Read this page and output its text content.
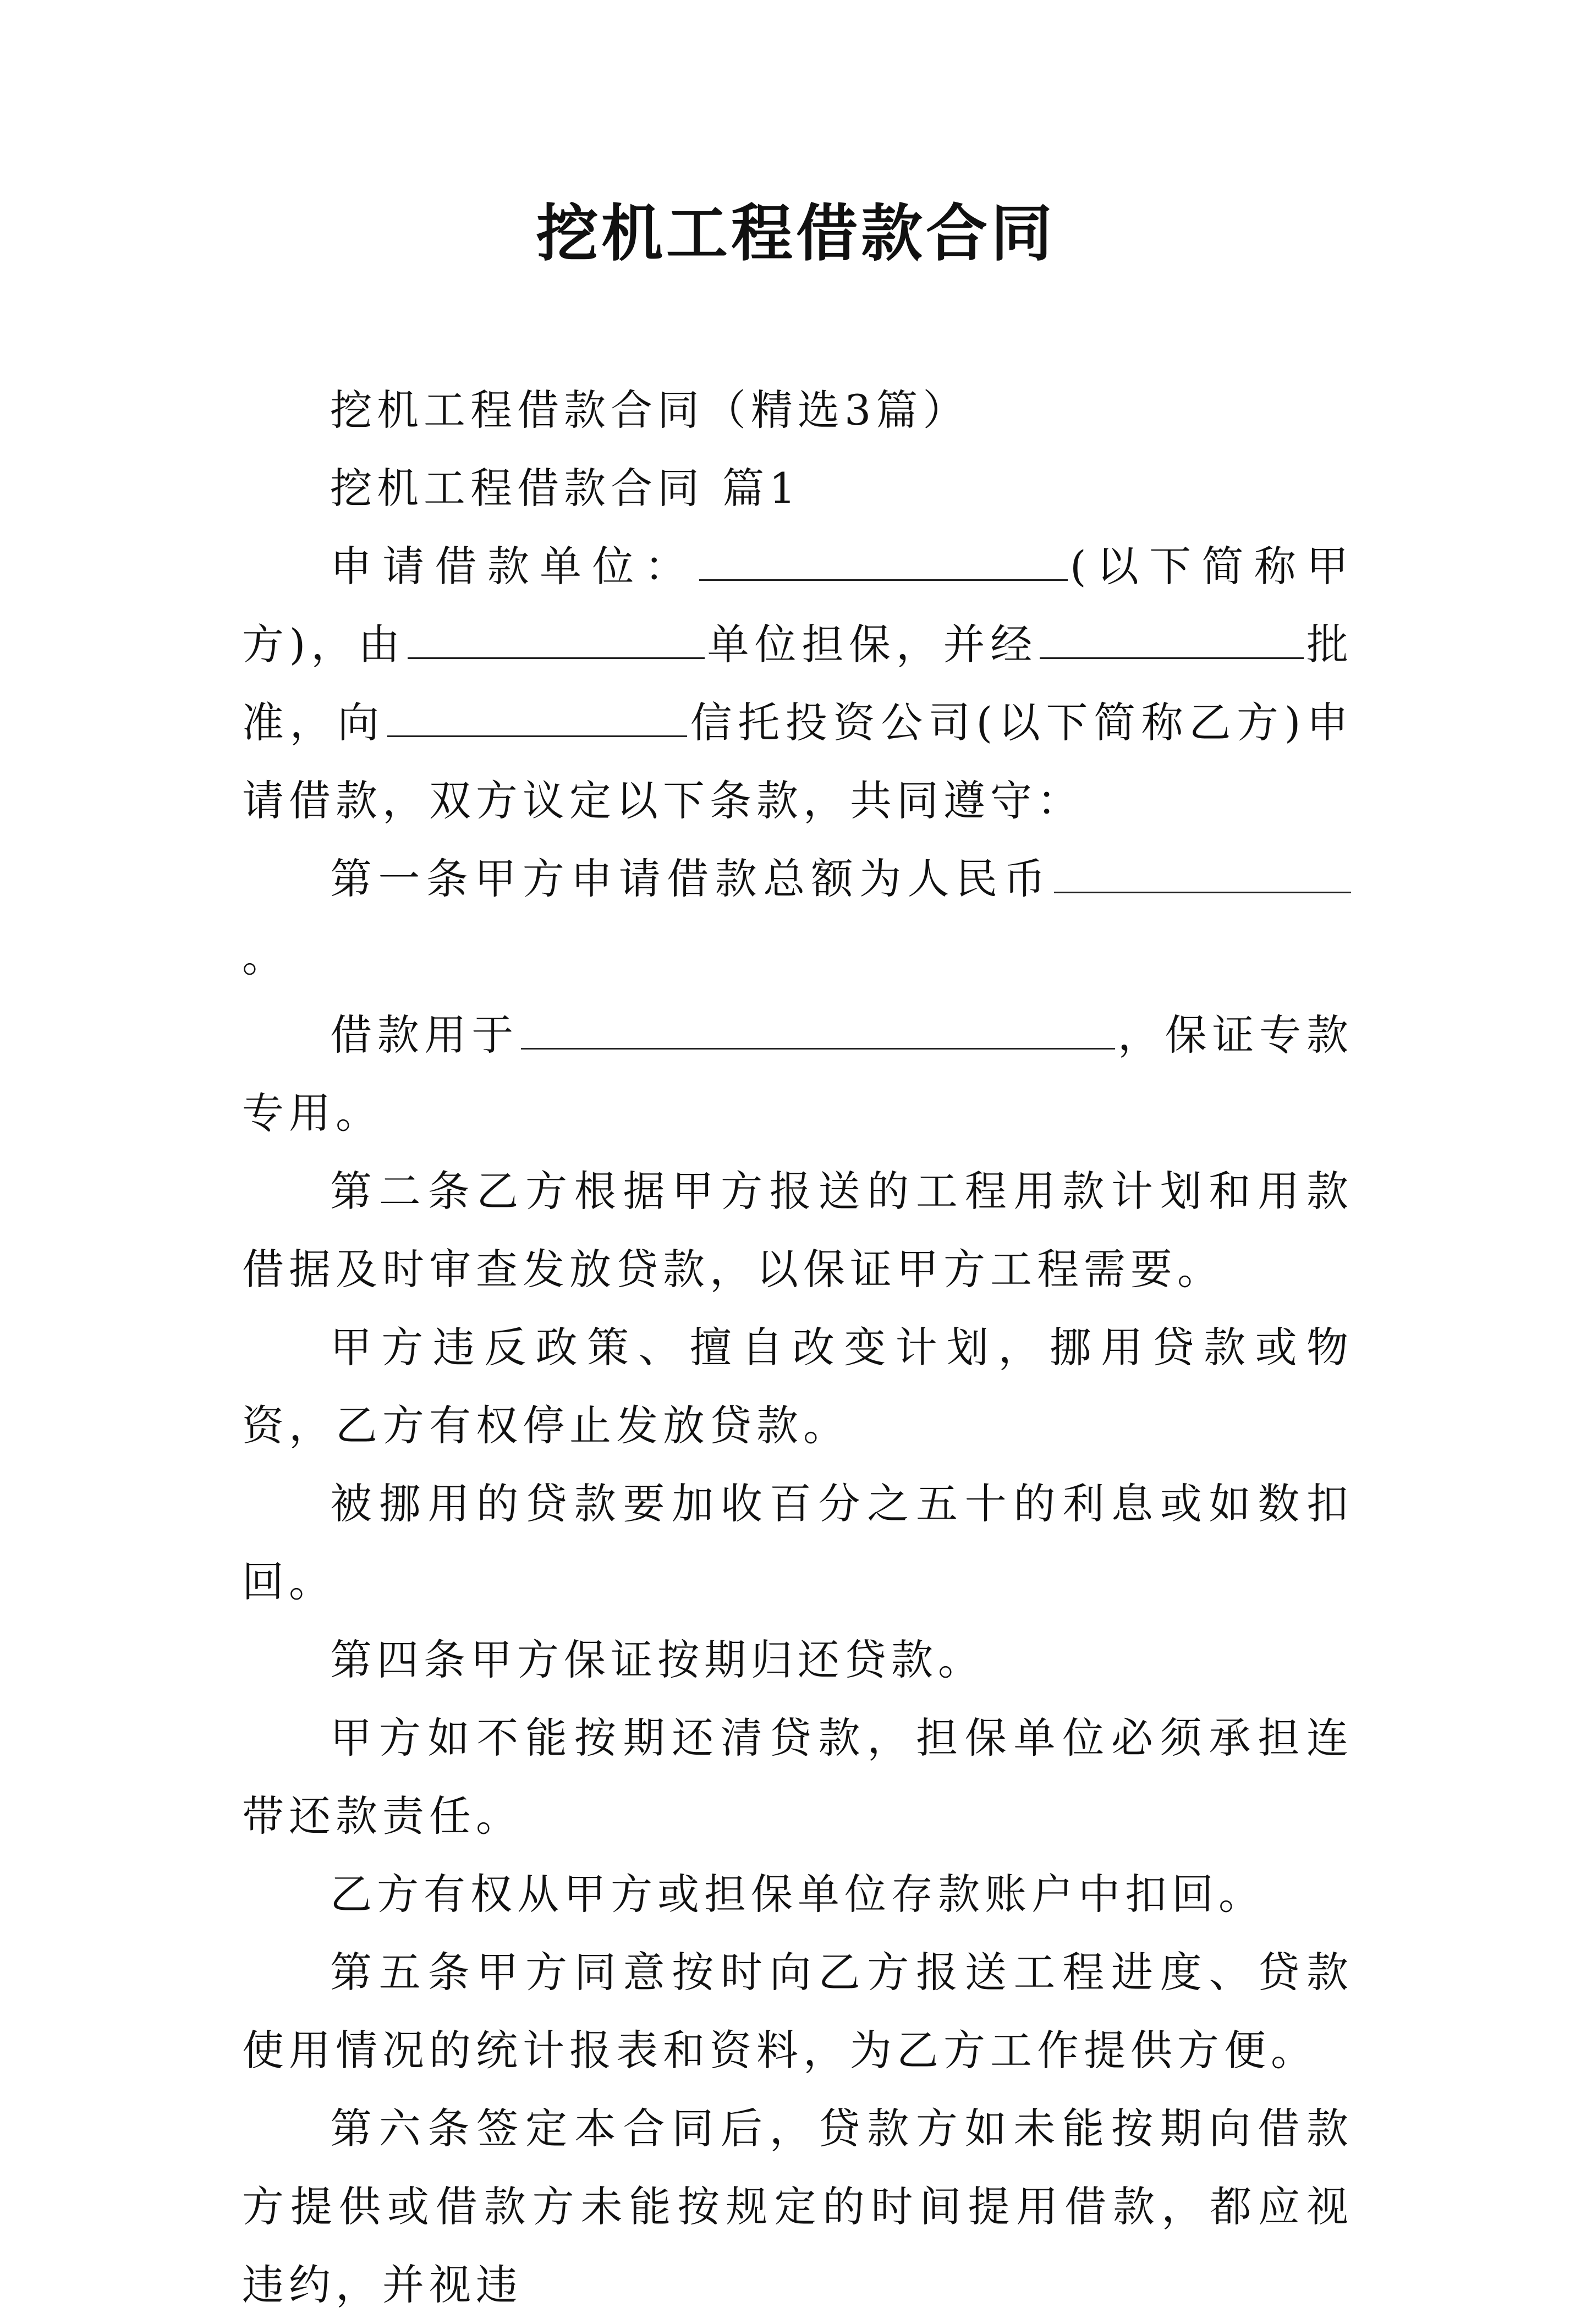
挖机工程借款合同

挖机工程借款合同（精选3篇）

挖机工程借款合同 篇1

申请借款单位：	(以下简称甲方)，由	单位担保，并经	批准，向	信托投资公司(以下简称乙方)申请借款，双方议定以下条款，共同遵守：

第一条甲方申请借款总额为人民币。

借款用于	，保证专款专用。

第二条乙方根据甲方报送的工程用款计划和用款借据及时审查发放贷款，以保证甲方工程需要。

甲方违反政策、擅自改变计划，挪用贷款或物资，乙方有权停止发放贷款。

被挪用的贷款要加收百分之五十的利息或如数扣回。

第四条甲方保证按期归还贷款。

甲方如不能按期还清贷款，担保单位必须承担连带还款责任。

乙方有权从甲方或担保单位存款账户中扣回。

第五条甲方同意按时向乙方报送工程进度、贷款使用情况的统计报表和资料，为乙方工作提供方便。

第六条签定本合同后，贷款方如未能按期向借款方提供或借款方未能按规定的时间提用借款，都应视违约，并视违
